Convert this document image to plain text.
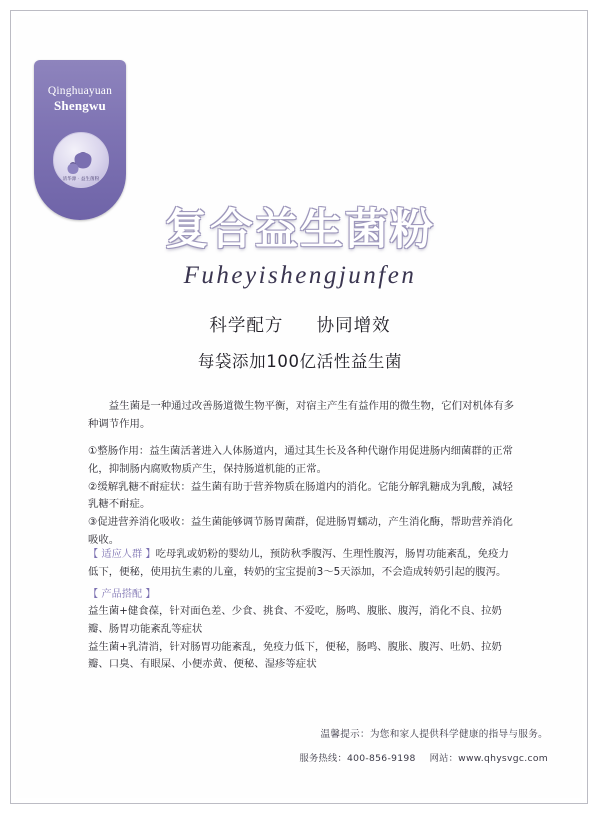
Qinghuayuan
Shengwu
清华源 · 益生菌粉
复合益生菌粉
Fuheyishengjunfen
科学配方 协同增效
每袋添加100亿活性益生菌

益生菌是一种通过改善肠道微生物平衡，对宿主产生有益作用的微生物，它们对机体有多种调节作用。

①整肠作用：益生菌活著进入人体肠道内，通过其生长及各种代谢作用促进肠内细菌群的正常化，抑制肠内腐败物质产生，保持肠道机能的正常。

②缓解乳糖不耐症状：益生菌有助于营养物质在肠道内的消化。它能分解乳糖成为乳酸，减轻乳糖不耐症。

③促进营养消化吸收：益生菌能够调节肠胃菌群，促进肠胃蠕动，产生消化酶，帮助营养消化吸收。

【 适应人群 】吃母乳或奶粉的婴幼儿，预防秋季腹泻、生理性腹泻，肠胃功能紊乱，免疫力低下，便秘，使用抗生素的儿童，转奶的宝宝提前3～5天添加，不会造成转奶引起的腹泻。

【 产品搭配 】

益生菌+健食葆，针对面色差、少食、挑食、不爱吃，肠鸣、腹胀、腹泻，消化不良、拉奶瓣、肠胃功能紊乱等症状

益生菌+乳清消，针对肠胃功能紊乱，免疫力低下，便秘，肠鸣、腹胀、腹泻、吐奶、拉奶瓣、口臭、有眼屎、小便赤黄、便秘、湿疹等症状

温馨提示：为您和家人提供科学健康的指导与服务。
服务热线：400-856-9198 网站：www.qhysvgc.com
